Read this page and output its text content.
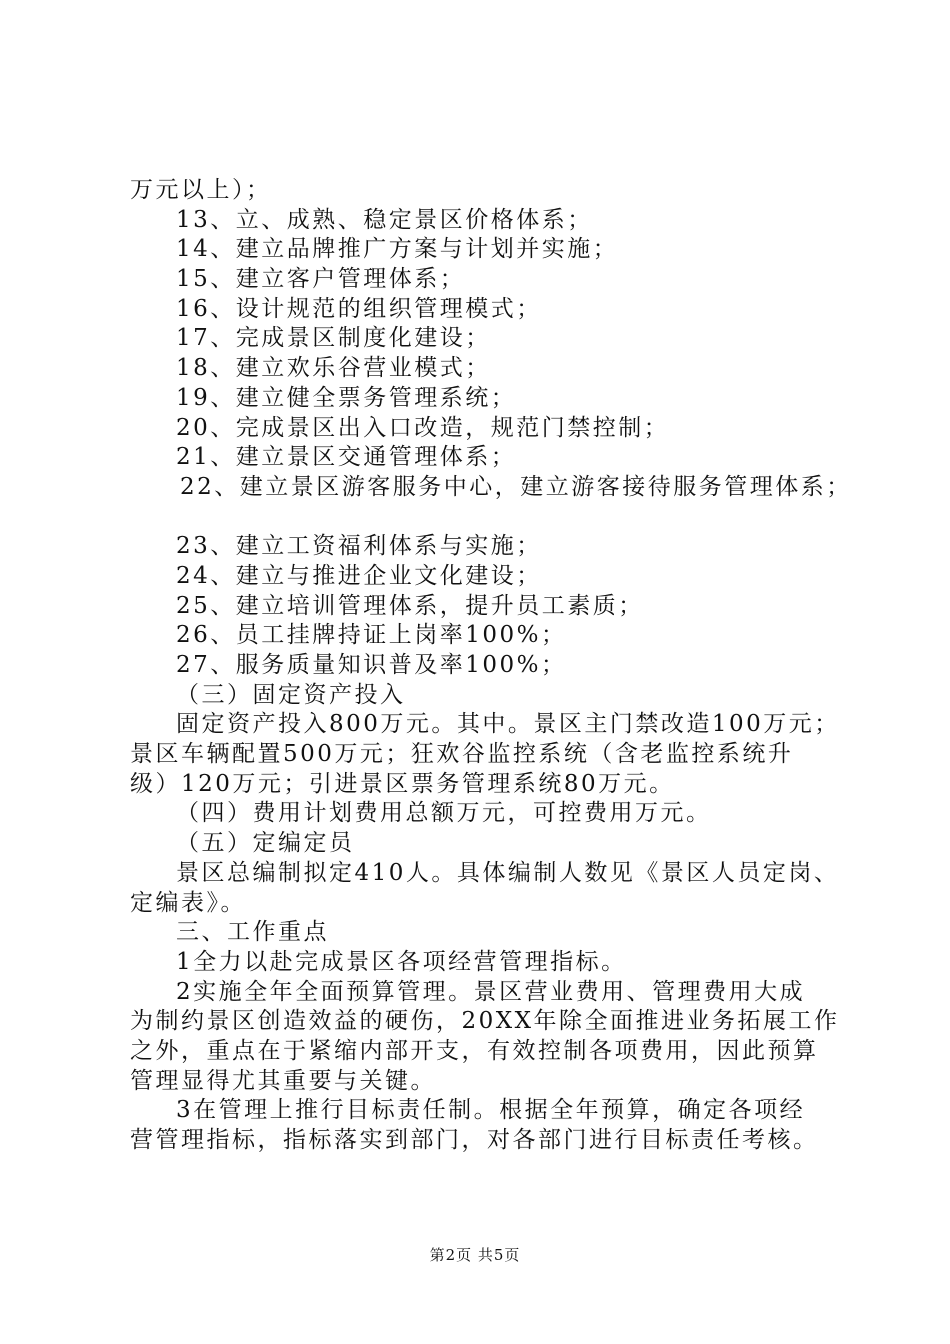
万元以上）；
13、立、成熟、稳定景区价格体系；
14、建立品牌推广方案与计划并实施；
15、建立客户管理体系；
16、设计规范的组织管理模式；
17、完成景区制度化建设；
18、建立欢乐谷营业模式；
19、建立健全票务管理系统；
20、完成景区出入口改造，规范门禁控制；
21、建立景区交通管理体系；
22、建立景区游客服务中心，建立游客接待服务管理体系；
23、建立工资福利体系与实施；
24、建立与推进企业文化建设；
25、建立培训管理体系，提升员工素质；
26、员工挂牌持证上岗率100%；
27、服务质量知识普及率100%；
（三）固定资产投入
固定资产投入800万元。其中。景区主门禁改造100万元；
景区车辆配置500万元；狂欢谷监控系统（含老监控系统升
级）120万元；引进景区票务管理系统80万元。
（四）费用计划费用总额万元，可控费用万元。
（五）定编定员
景区总编制拟定410人。具体编制人数见《景区人员定岗、
定编表》。
三、工作重点
1全力以赴完成景区各项经营管理指标。
2实施全年全面预算管理。景区营业费用、管理费用大成
为制约景区创造效益的硬伤，20XX年除全面推进业务拓展工作
之外，重点在于紧缩内部开支，有效控制各项费用，因此预算
管理显得尤其重要与关键。
3在管理上推行目标责任制。根据全年预算，确定各项经
营管理指标，指标落实到部门，对各部门进行目标责任考核。
第2页 共5页
